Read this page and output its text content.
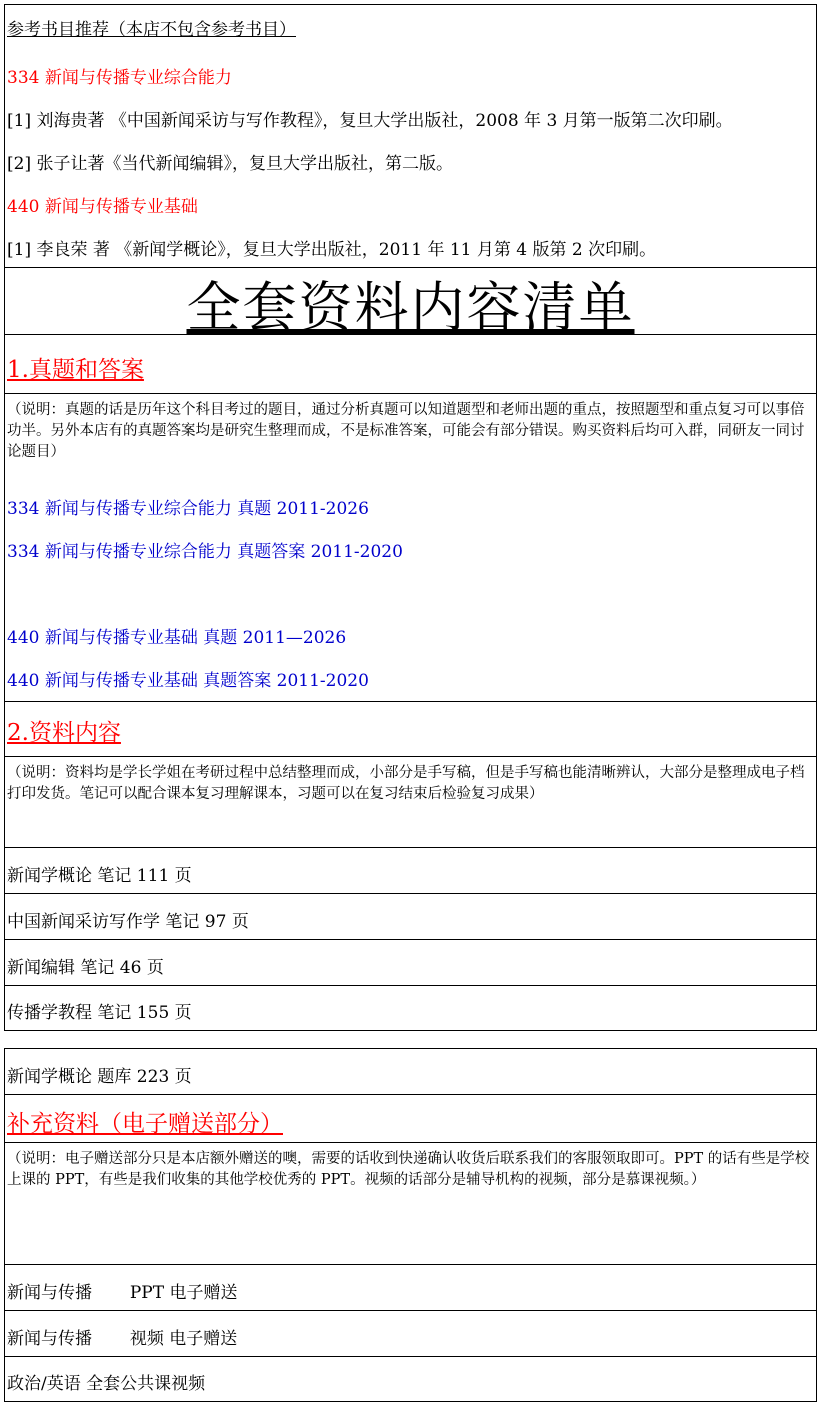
参考书目推荐（本店不包含参考书目）
334 新闻与传播专业综合能力
[1] 刘海贵著 《中国新闻采访与写作教程》，复旦大学出版社，2008 年 3 月第一版第二次印刷。
[2] 张子让著《当代新闻编辑》，复旦大学出版社，第二版。
440 新闻与传播专业基础
[1] 李良荣 著 《新闻学概论》，复旦大学出版社，2011 年 11 月第 4 版第 2 次印刷。
全套资料内容清单
1.真题和答案
（说明：真题的话是历年这个科目考过的题目，通过分析真题可以知道题型和老师出题的重点，按照题型和重点复习可以事倍功半。另外本店有的真题答案均是研究生整理而成，不是标准答案，可能会有部分错误。购买资料后均可入群，同研友一同讨论题目）
334 新闻与传播专业综合能力 真题 2011-2026
334 新闻与传播专业综合能力 真题答案 2011-2020
440 新闻与传播专业基础 真题 2011—2026
440 新闻与传播专业基础 真题答案 2011-2020
2.资料内容
（说明：资料均是学长学姐在考研过程中总结整理而成，小部分是手写稿，但是手写稿也能清晰辨认，大部分是整理成电子档打印发货。笔记可以配合课本复习理解课本，习题可以在复习结束后检验复习成果）
新闻学概论 笔记 111 页
中国新闻采访写作学 笔记 97 页
新闻编辑 笔记 46 页
传播学教程 笔记 155 页
新闻学概论 题库 223 页
补充资料（电子赠送部分）
（说明：电子赠送部分只是本店额外赠送的噢，需要的话收到快递确认收货后联系我们的客服领取即可。PPT 的话有些是学校上课的 PPT，有些是我们收集的其他学校优秀的 PPT。视频的话部分是辅导机构的视频，部分是慕课视频。）
新闻与传播       PPT 电子赠送
新闻与传播       视频 电子赠送
政治/英语 全套公共课视频
